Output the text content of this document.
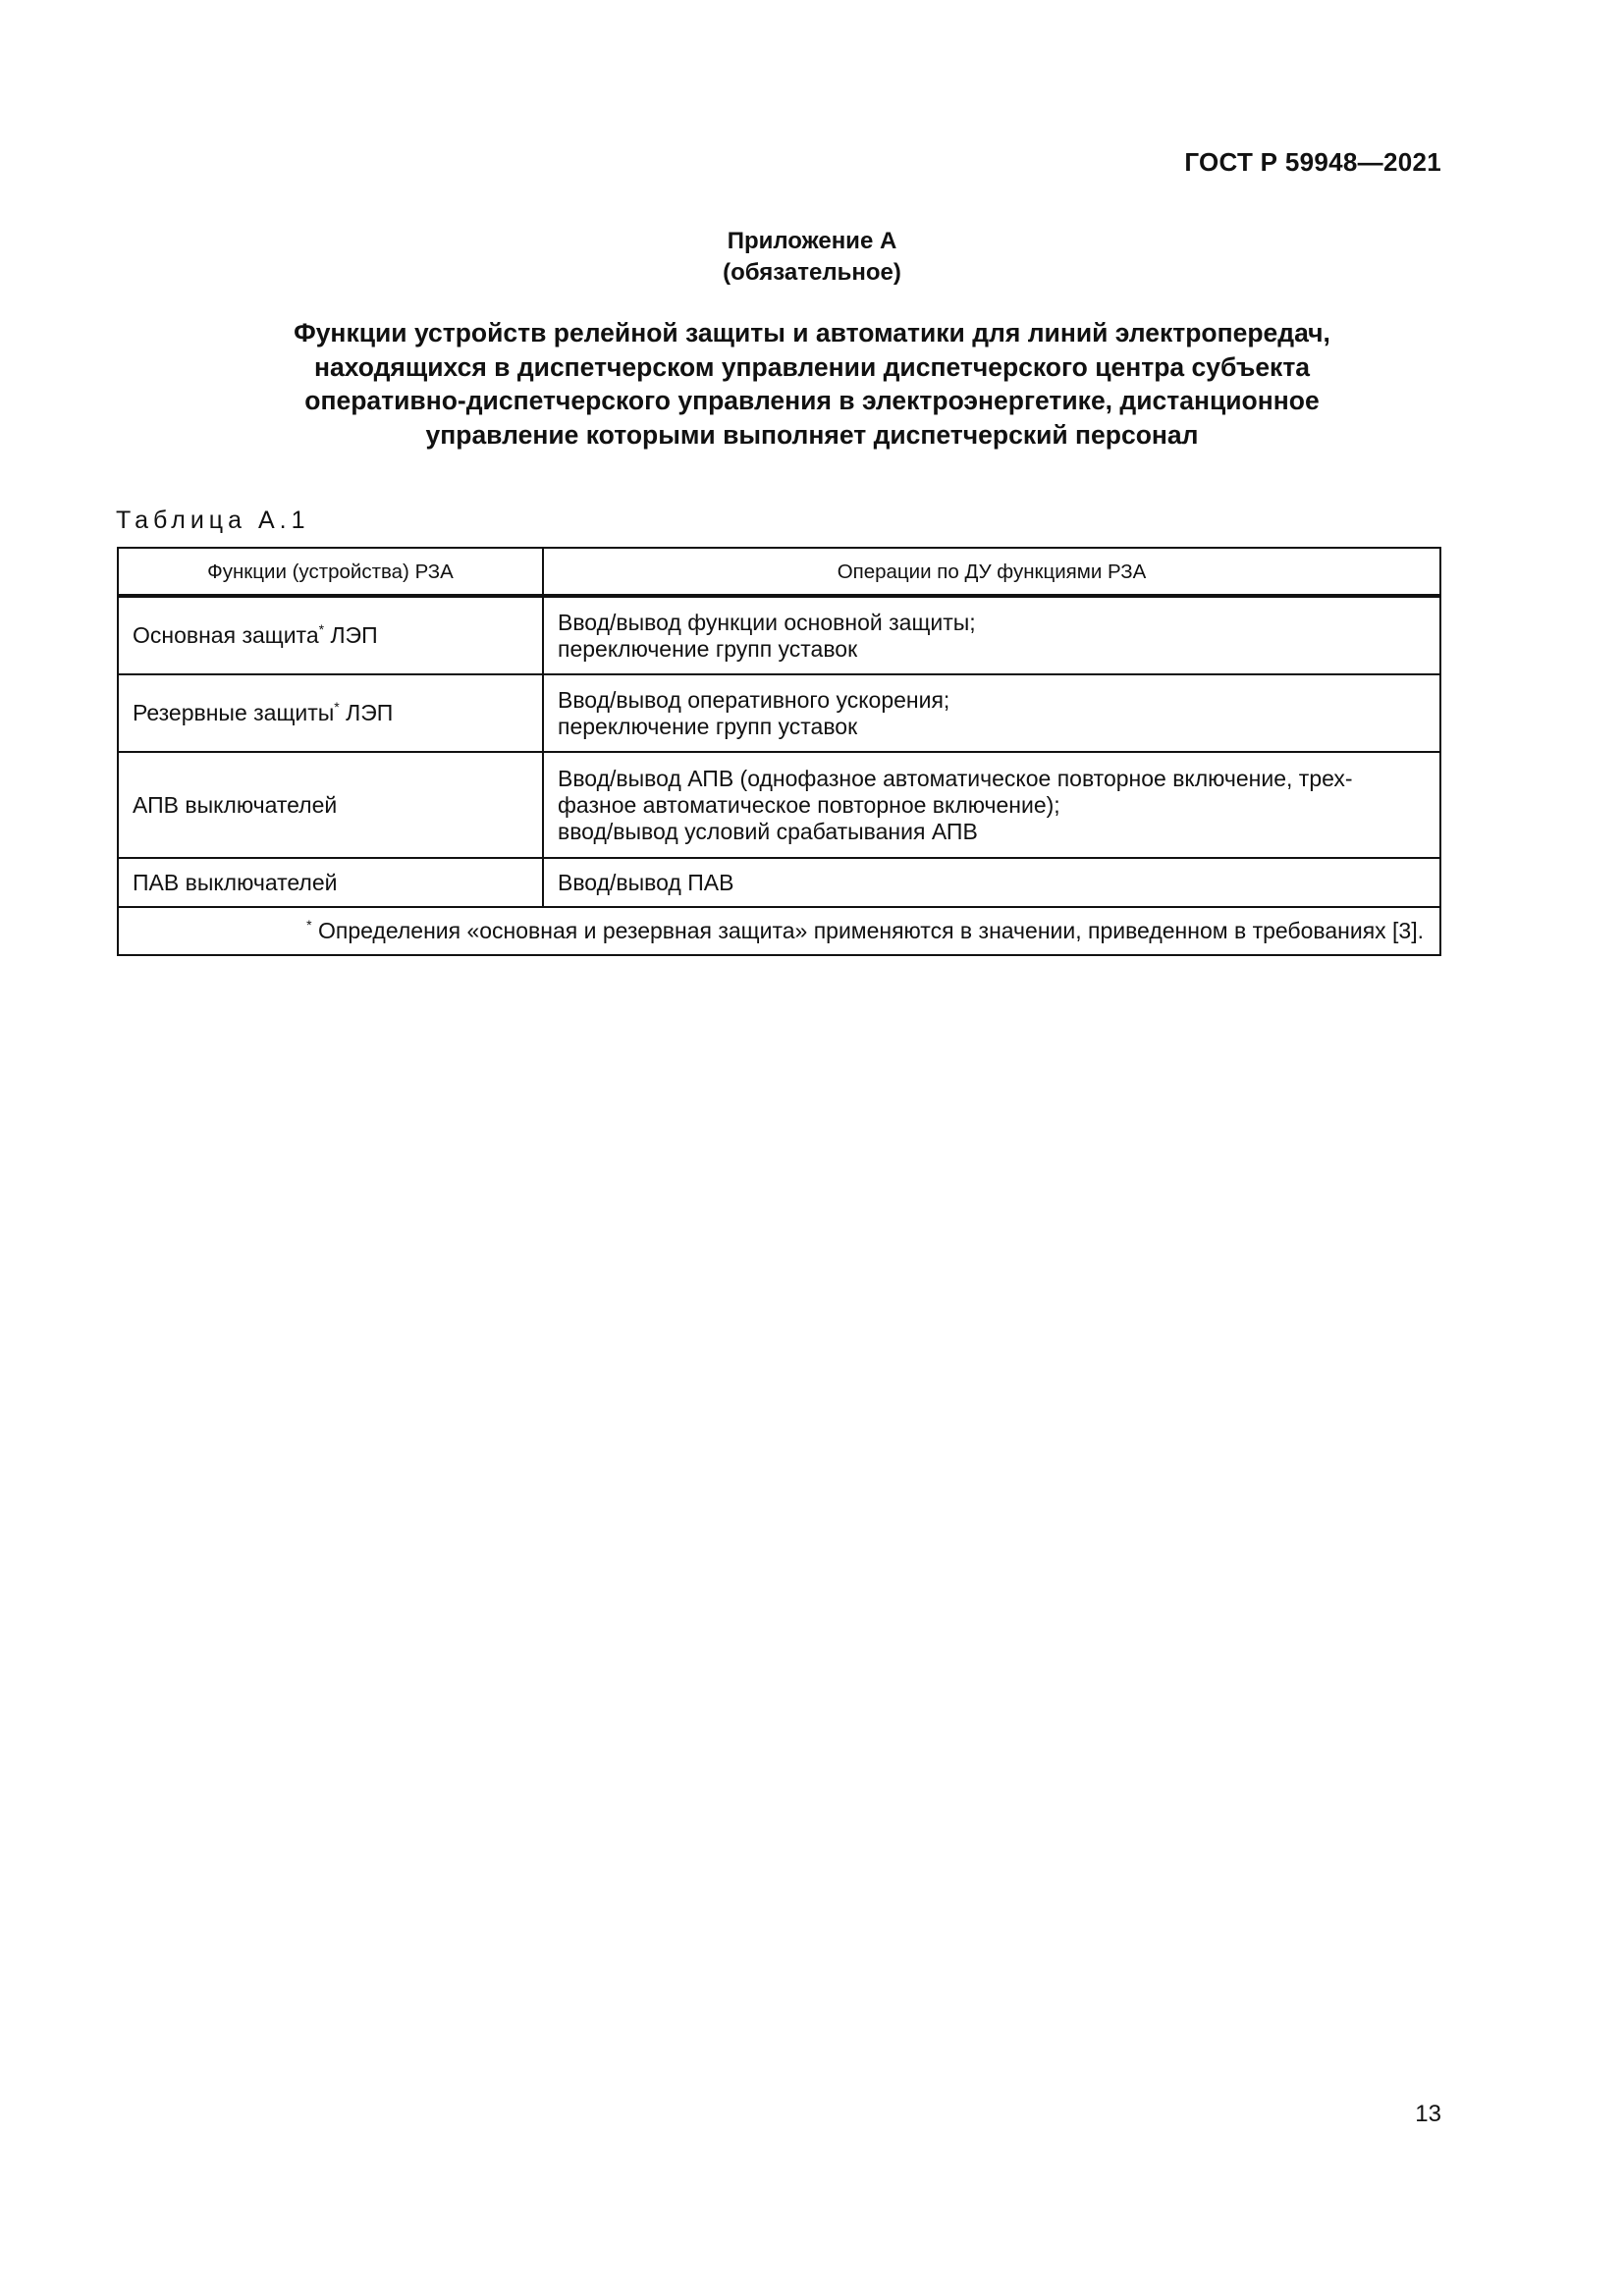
ГОСТ Р 59948—2021
Приложение А
(обязательное)
Функции устройств релейной защиты и автоматики для линий электропередач,
находящихся в диспетчерском управлении диспетчерского центра субъекта
оперативно-диспетчерского управления в электроэнергетике, дистанционное
управление которыми выполняет диспетчерский персонал
Таблица А.1
Функции (устройства) РЗА	Операции по ДУ функциями РЗА
Основная защита* ЛЭП	Ввод/вывод функции основной защиты;
переключение групп уставок

Резервные защиты* ЛЭП	Ввод/вывод оперативного ускорения;
переключение групп уставок

АПВ выключателей	Ввод/вывод АПВ (однофазное автоматическое повторное включение, трех-
фазное автоматическое повторное включение);
ввод/вывод условий срабатывания АПВ

ПАВ выключателей	Ввод/вывод ПАВ

* Определения «основная и резервная защита» применяются в значении, приведенном в требованиях [3].	
13
